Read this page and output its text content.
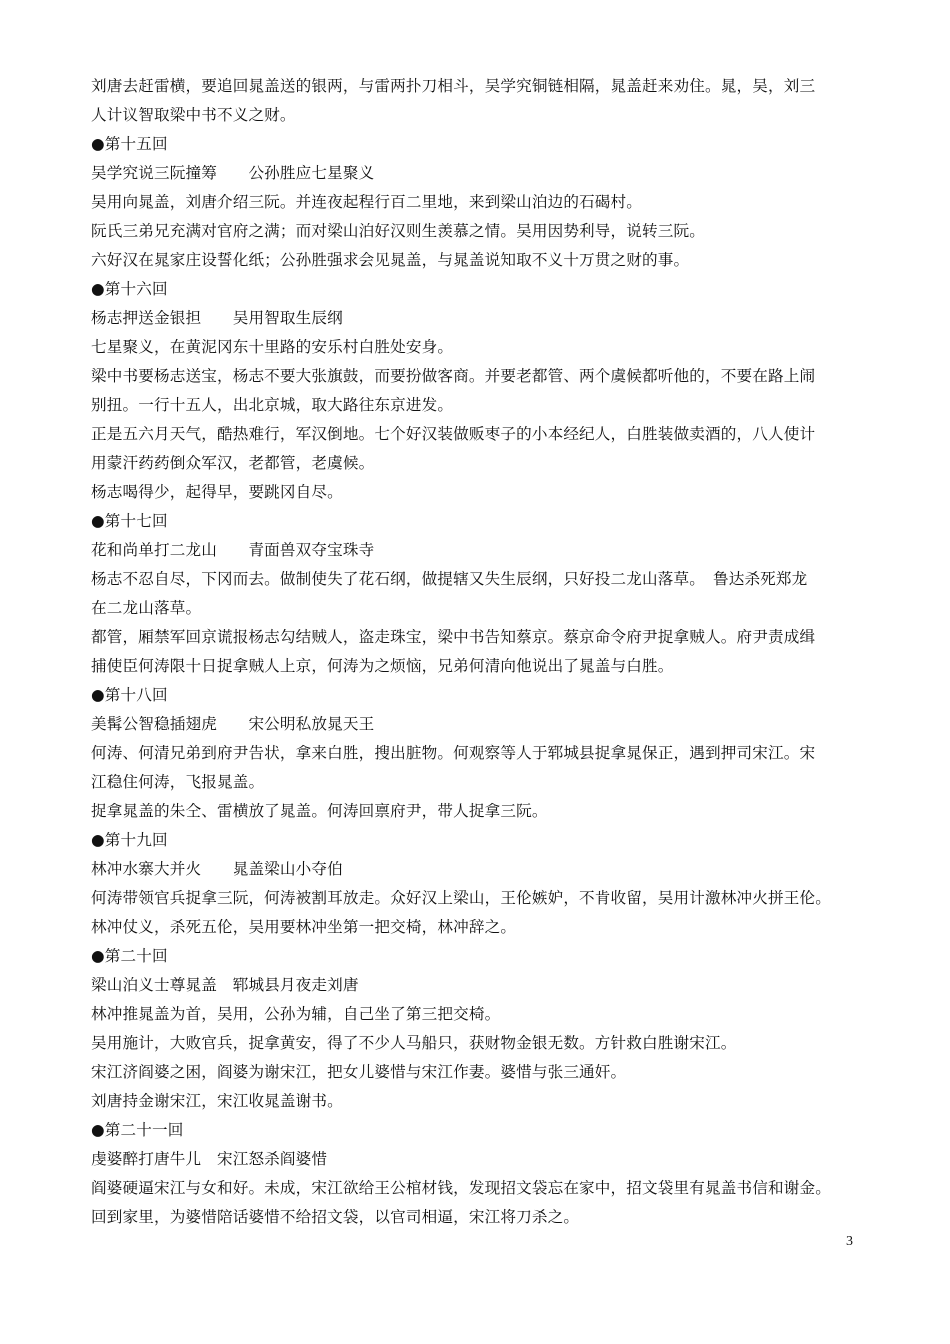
刘唐去赶雷横，要追回晁盖送的银两，与雷两扑刀相斗，吴学究铜链相隔，晁盖赶来劝住。晁，吴，刘三
人计议智取梁中书不义之财。
●第十五回
吴学究说三阮撞筹　　公孙胜应七星聚义
吴用向晁盖，刘唐介绍三阮。并连夜起程行百二里地，来到梁山泊边的石碣村。
阮氏三弟兄充满对官府之满；而对梁山泊好汉则生羡慕之情。吴用因势利导，说转三阮。
六好汉在晁家庄设誓化纸；公孙胜强求会见晁盖，与晁盖说知取不义十万贯之财的事。
●第十六回
杨志押送金银担　　吴用智取生辰纲
七星聚义，在黄泥冈东十里路的安乐村白胜处安身。
梁中书要杨志送宝，杨志不要大张旗鼓，而要扮做客商。并要老都管、两个虞候都听他的，不要在路上闹
别扭。一行十五人，出北京城，取大路往东京进发。
正是五六月天气，酷热难行，军汉倒地。七个好汉装做贩枣子的小本经纪人，白胜装做卖酒的，八人使计
用蒙汗药药倒众军汉，老都管，老虞候。
杨志喝得少，起得早，要跳冈自尽。
●第十七回
花和尚单打二龙山　　青面兽双夺宝珠寺
杨志不忍自尽，下冈而去。做制使失了花石纲，做提辖又失生辰纲，只好投二龙山落草。　鲁达杀死郑龙
在二龙山落草。
都管，厢禁军回京谎报杨志勾结贼人，盗走珠宝，梁中书告知蔡京。蔡京命令府尹捉拿贼人。府尹责成缉
捕使臣何涛限十日捉拿贼人上京，何涛为之烦恼，兄弟何清向他说出了晁盖与白胜。
●第十八回
美髯公智稳插翅虎　　宋公明私放晁天王
何涛、何清兄弟到府尹告状，拿来白胜，搜出脏物。何观察等人于郓城县捉拿晁保正，遇到押司宋江。宋
江稳住何涛，飞报晁盖。
捉拿晁盖的朱仝、雷横放了晁盖。何涛回禀府尹，带人捉拿三阮。
●第十九回
林冲水寨大并火　　晁盖梁山小夺伯
何涛带领官兵捉拿三阮，何涛被割耳放走。众好汉上梁山，王伦嫉妒，不肯收留，吴用计激林冲火拼王伦。
林冲仗义，杀死五伦，吴用要林冲坐第一把交椅，林冲辞之。
●第二十回
梁山泊义士尊晁盖　郓城县月夜走刘唐
林冲推晁盖为首，吴用，公孙为辅，自己坐了第三把交椅。
吴用施计，大败官兵，捉拿黄安，得了不少人马船只，获财物金银无数。方针救白胜谢宋江。
宋江济阎婆之困，阎婆为谢宋江，把女儿婆惜与宋江作妻。婆惜与张三通奸。
刘唐持金谢宋江，宋江收晁盖谢书。
●第二十一回
虔婆醉打唐牛儿　宋江怒杀阎婆惜
阎婆硬逼宋江与女和好。未成，宋江欲给王公棺材钱，发现招文袋忘在家中，招文袋里有晁盖书信和谢金。
回到家里，为婆惜陪话婆惜不给招文袋，以官司相逼，宋江将刀杀之。
3
